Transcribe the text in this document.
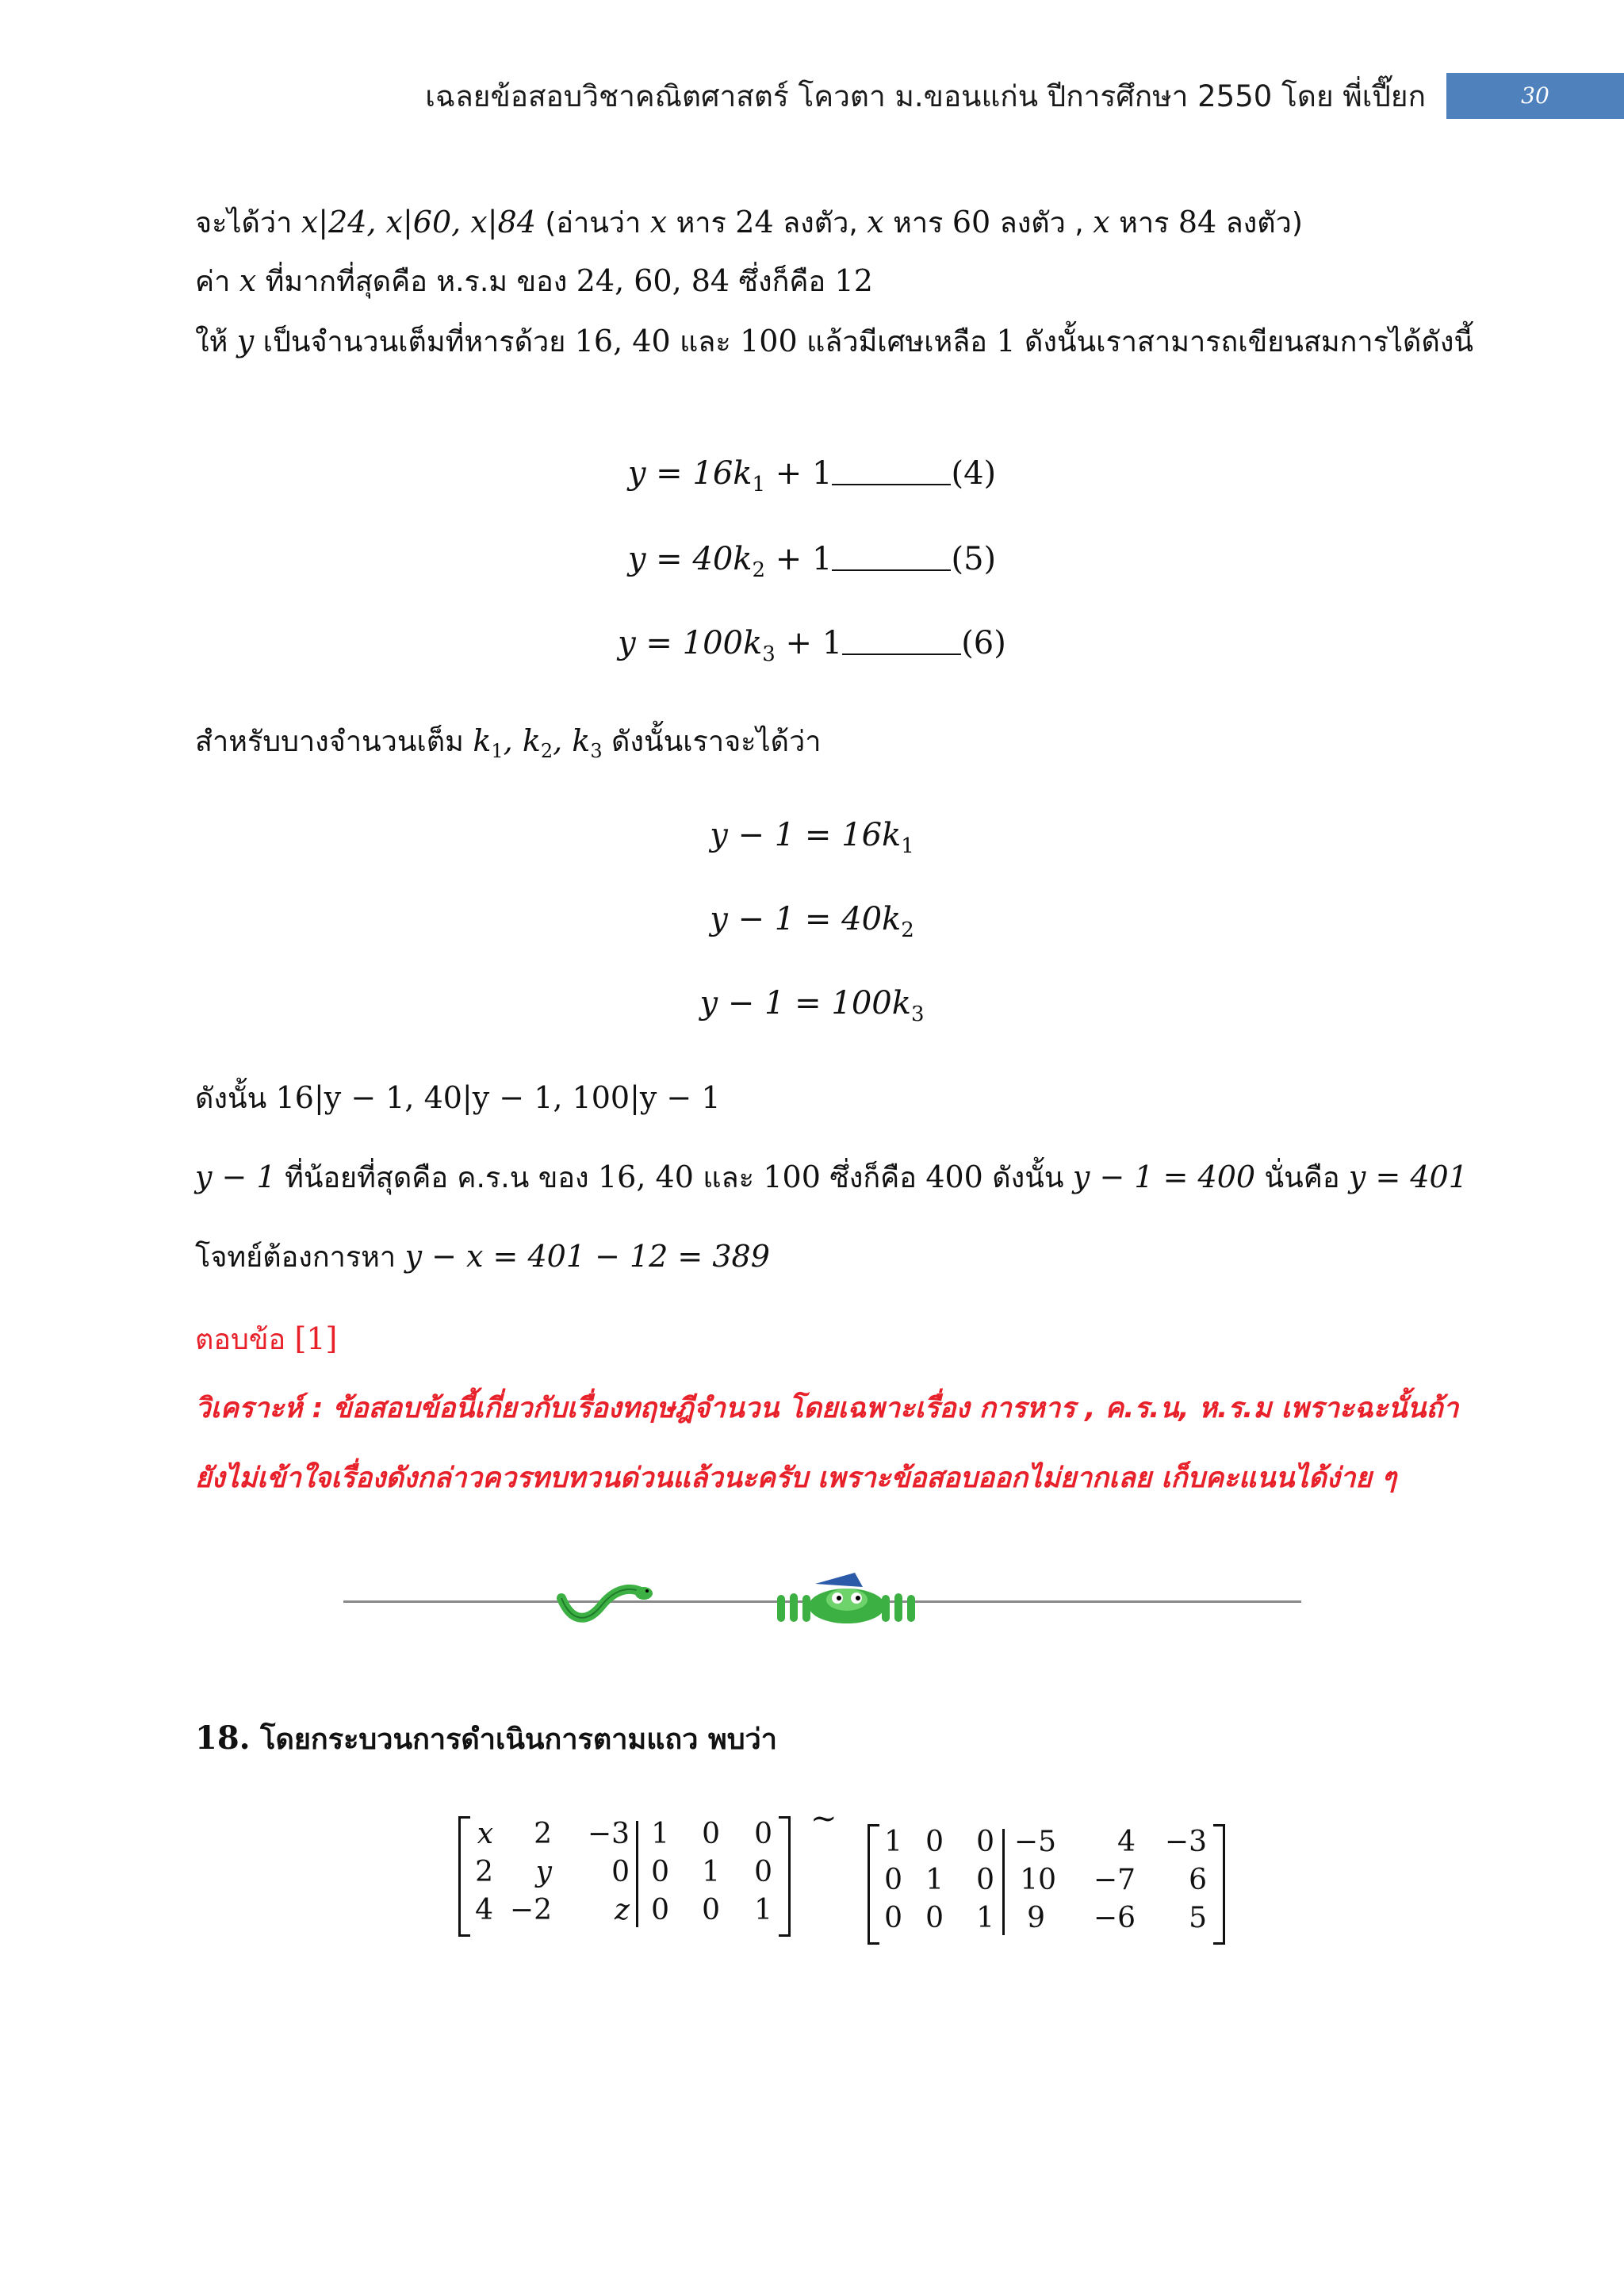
เฉลยข้อสอบวิชาคณิตศาสตร์ โควตา ม.ขอนแก่น ปีการศึกษา 2550 โดย พี่เปี๊ยก	30
จะได้ว่า x|24, x|60, x|84 (อ่านว่า x หาร 24 ลงตัว, x หาร 60 ลงตัว , x หาร 84 ลงตัว)
ค่า x ที่มากที่สุดคือ ห.ร.ม ของ 24, 60, 84 ซึ่งก็คือ 12
ให้ y เป็นจำนวนเต็มที่หารด้วย 16, 40 และ 100 แล้วมีเศษเหลือ 1 ดังนั้นเราสามารถเขียนสมการได้ดังนี้
$y = 16k_1 + 1$	(4)
$y = 40k_2 + 1$	(5)
$y = 100k_3 + 1$	(6)
สำหรับบางจำนวนเต็ม $k_1$, $k_2$, $k_3$ ดังนั้นเราจะได้ว่า
$y - 1 = 16k_1$
$y - 1 = 40k_2$
$y - 1 = 100k_3$
ดังนั้น 16|y − 1, 40|y − 1, 100|y − 1
y − 1 ที่น้อยที่สุดคือ ค.ร.น ของ 16, 40 และ 100 ซึ่งก็คือ 400 ดังนั้น y − 1 = 400 นั่นคือ y = 401
โจทย์ต้องการหา y − x = 401 − 12 = 389
ตอบข้อ [1]
วิเคราะห์ : ข้อสอบข้อนี้เกี่ยวกับเรื่องทฤษฎีจำนวน โดยเฉพาะเรื่อง การหาร , ค.ร.น, ห.ร.ม เพราะฉะนั้นถ้า
ยังไม่เข้าใจเรื่องดังกล่าวควรทบทวนด่วนแล้วนะครับ เพราะข้อสอบออกไม่ยากเลย เก็บคะแนนได้ง่าย ๆ
18. โดยกระบวนการดำเนินการตามแถว พบว่า
x	2	−3 1	0	0
2	y	0 0	1	0
4 −2	z 0	0	1
~
1 0	0 −5	4	−3
0 1	0 10	−7	6
0 0	1	9	−6	5
